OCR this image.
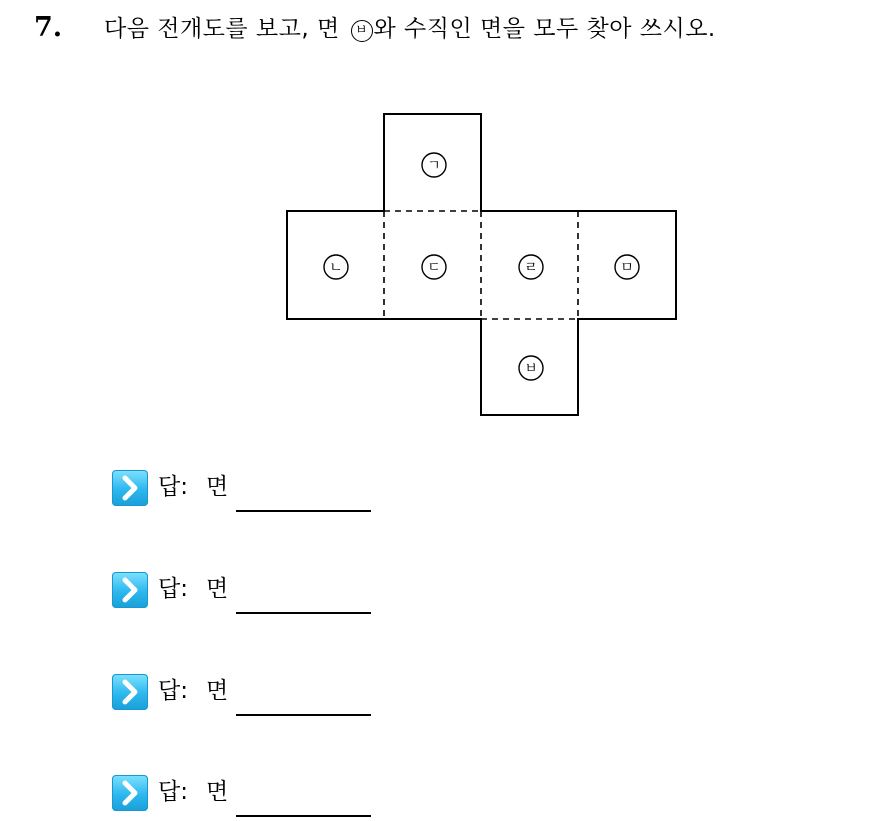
7. 다음 전개도를 보고, 면 ㅂ 와 수직인 면을 모두 찾아 쓰시오.
ㄱ
ㄴ	ㄷ	ㄹ	ㅁ
ㅂ
답: 면
답: 면
답: 면
답: 면
